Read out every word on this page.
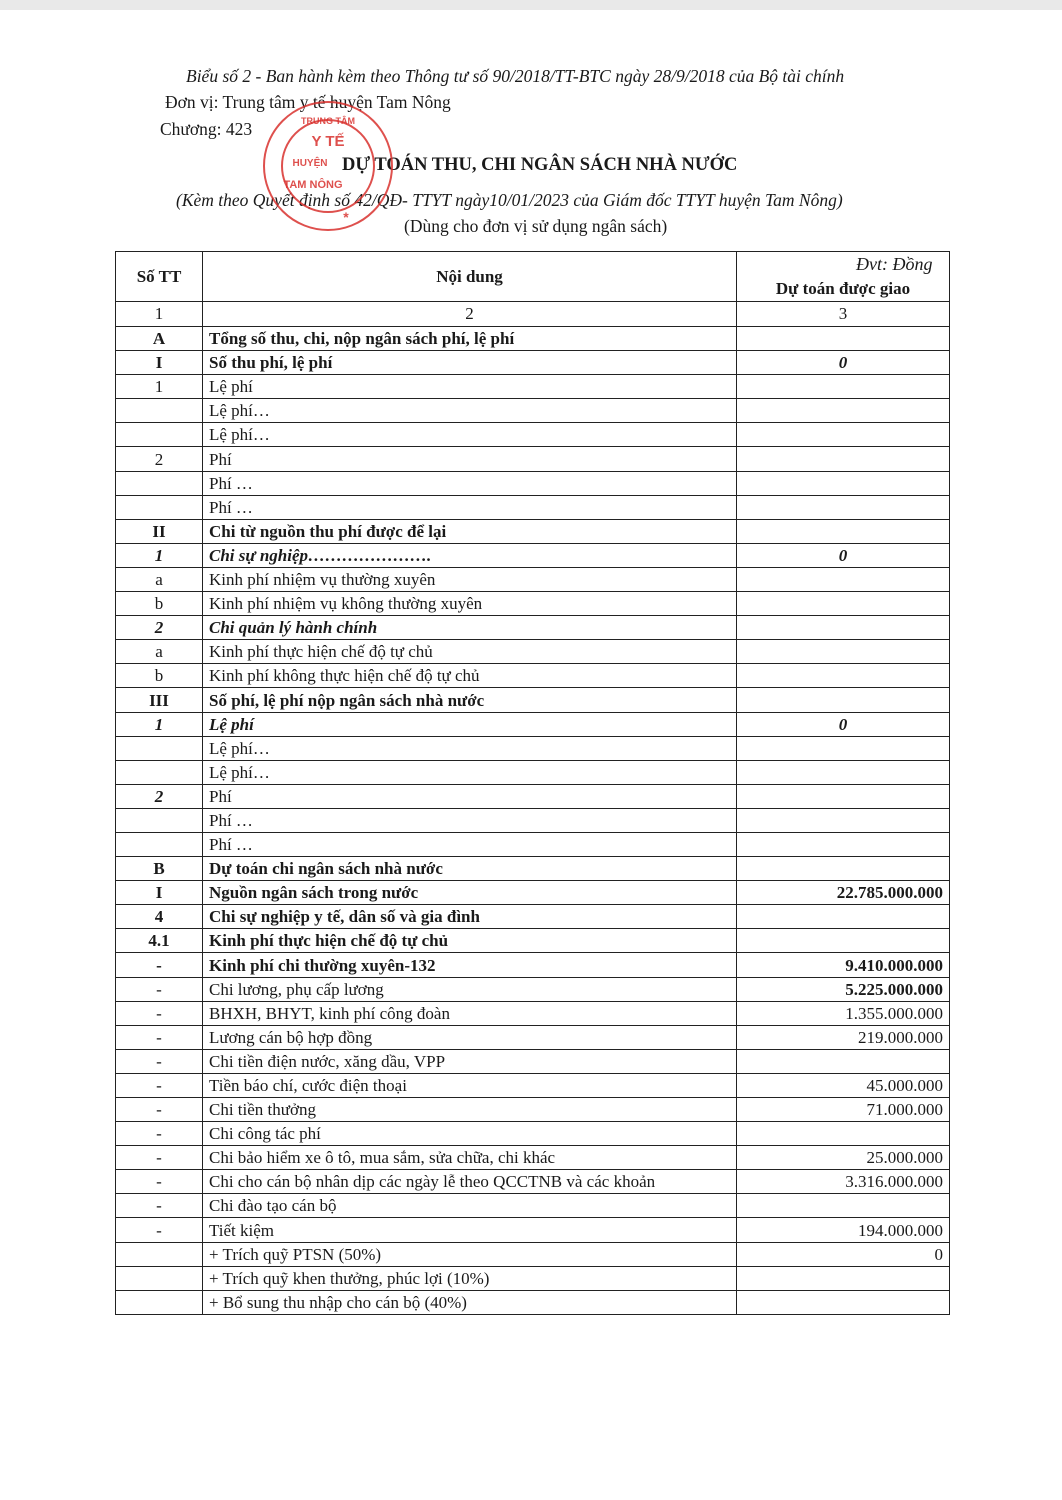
Biểu số 2 - Ban hành kèm theo Thông tư số 90/2018/TT-BTC ngày 28/9/2018 của Bộ tài chính
Đơn vị: Trung tâm y tế huyện Tam Nông
Chương: 423
DỰ TOÁN THU, CHI NGÂN SÁCH NHÀ NƯỚC
(Kèm theo Quyết định số 42/QĐ- TTYT ngày10/01/2023 của Giám đốc TTYT huyện Tam Nông)
(Dùng cho đơn vị sử dụng ngân sách)
TRUNG TÂM
Y TẾ
HUYỆN
TAM NÔNG
*
Đvt: Đồng
Số TT	Nội dung	Dự toán được giao
1	2	3
A	Tổng số thu, chi, nộp ngân sách phí, lệ phí	
I	Số thu phí, lệ phí	0
1	Lệ phí	
	Lệ phí…	
	Lệ phí…	
2	Phí	
	Phí …	
	Phí …	
II	Chi từ nguồn thu phí được để lại	
1	Chi sự nghiệp………………….	0
a	Kinh phí nhiệm vụ thường xuyên	
b	Kinh phí nhiệm vụ không thường xuyên	
2	Chi quản lý hành chính	
a	Kinh phí thực hiện chế độ tự chủ	
b	Kinh phí không thực hiện chế độ tự chủ	
III	Số phí, lệ phí nộp ngân sách nhà nước	
1	Lệ phí	0
	Lệ phí…	
	Lệ phí…	
2	Phí	
	Phí …	
	Phí …	
B	Dự toán chi ngân sách nhà nước	
I	Nguồn ngân sách trong nước	22.785.000.000
4	Chi sự nghiệp y tế, dân số và gia đình	
4.1	Kinh phí thực hiện chế độ tự chủ	
-	Kinh phí chi thường xuyên-132	9.410.000.000
-	Chi lương, phụ cấp lương	5.225.000.000
-	BHXH, BHYT, kinh phí công đoàn	1.355.000.000
-	Lương cán bộ hợp đồng	219.000.000
-	Chi tiền điện nước, xăng dầu, VPP	
-	Tiền báo chí, cước điện thoại	45.000.000
-	Chi tiền thưởng	71.000.000
-	Chi công tác phí	
-	Chi bảo hiểm xe ô tô, mua sắm, sửa chữa, chi khác	25.000.000
-	Chi cho cán bộ nhân dịp các ngày lễ theo QCCTNB và các khoản	3.316.000.000
-	Chi đào tạo cán bộ	
-	Tiết kiệm	194.000.000
	+ Trích quỹ PTSN (50%)	0
	+ Trích quỹ khen thưởng, phúc lợi (10%)	
	+ Bổ sung thu nhập cho cán bộ (40%)	
